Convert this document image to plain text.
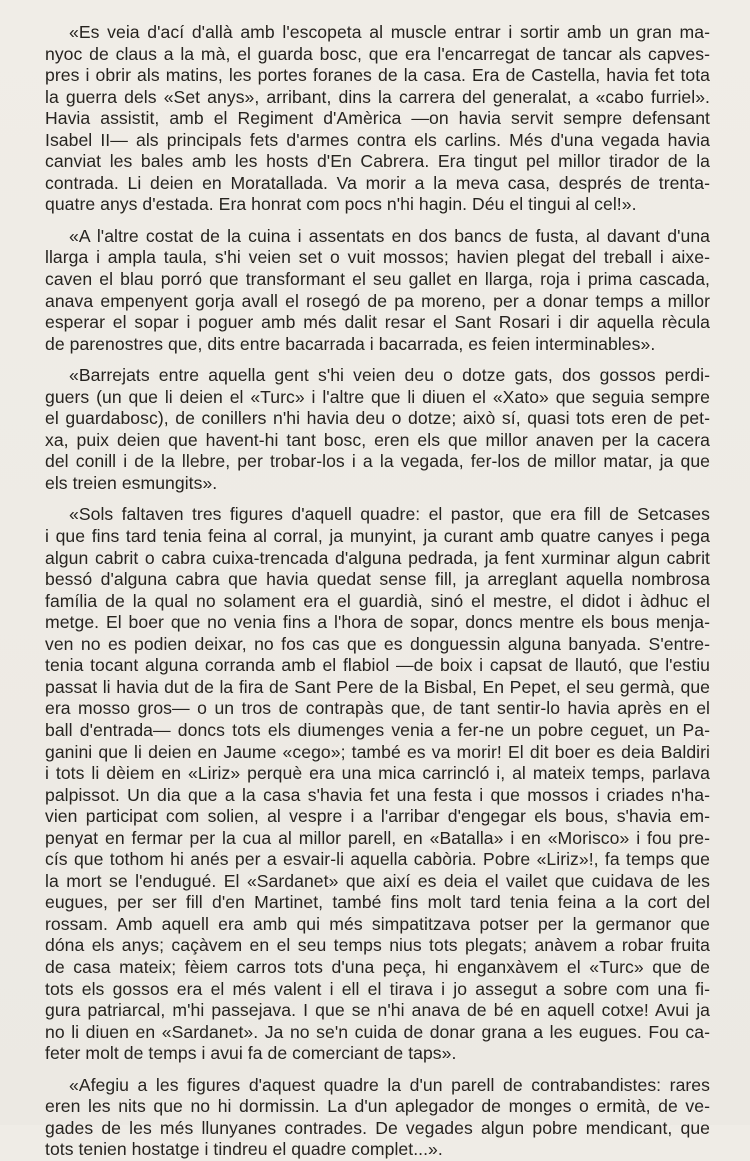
«Es veia d'ací d'allà amb l'escopeta al muscle entrar i sortir amb un gran ma-
nyoc de claus a la mà, el guarda bosc, que era l'encarregat de tancar als capves-
pres i obrir als matins, les portes foranes de la casa. Era de Castella, havia fet tota
la guerra dels «Set anys», arribant, dins la carrera del generalat, a «cabo furriel».
Havia assistit, amb el Regiment d'Amèrica —on havia servit sempre defensant
Isabel II— als principals fets d'armes contra els carlins. Més d'una vegada havia
canviat les bales amb les hosts d'En Cabrera. Era tingut pel millor tirador de la
contrada. Li deien en Moratallada. Va morir a la meva casa, després de trenta-
quatre anys d'estada. Era honrat com pocs n'hi hagin. Déu el tingui al cel!».

«A l'altre costat de la cuina i assentats en dos bancs de fusta, al davant d'una
llarga i ampla taula, s'hi veien set o vuit mossos; havien plegat del treball i aixe-
caven el blau porró que transformant el seu gallet en llarga, roja i prima cascada,
anava empenyent gorja avall el rosegó de pa moreno, per a donar temps a millor
esperar el sopar i poguer amb més dalit resar el Sant Rosari i dir aquella rècula
de parenostres que, dits entre bacarrada i bacarrada, es feien interminables».

«Barrejats entre aquella gent s'hi veien deu o dotze gats, dos gossos perdi-
guers (un que li deien el «Turc» i l'altre que li diuen el «Xato» que seguia sempre
el guardabosc), de conillers n'hi havia deu o dotze; això sí, quasi tots eren de pet-
xa, puix deien que havent-hi tant bosc, eren els que millor anaven per la cacera
del conill i de la llebre, per trobar-los i a la vegada, fer-los de millor matar, ja que
els treien esmungits».

«Sols faltaven tres figures d'aquell quadre: el pastor, que era fill de Setcases
i que fins tard tenia feina al corral, ja munyint, ja curant amb quatre canyes i pega
algun cabrit o cabra cuixa-trencada d'alguna pedrada, ja fent xurminar algun cabrit
bessó d'alguna cabra que havia quedat sense fill, ja arreglant aquella nombrosa
família de la qual no solament era el guardià, sinó el mestre, el didot i àdhuc el
metge. El boer que no venia fins a l'hora de sopar, doncs mentre els bous menja-
ven no es podien deixar, no fos cas que es donguessin alguna banyada. S'entre-
tenia tocant alguna corranda amb el flabiol —de boix i capsat de llautó, que l'estiu
passat li havia dut de la fira de Sant Pere de la Bisbal, En Pepet, el seu germà, que
era mosso gros— o un tros de contrapàs que, de tant sentir-lo havia après en el
ball d'entrada— doncs tots els diumenges venia a fer-ne un pobre ceguet, un Pa-
ganini que li deien en Jaume «cego»; també es va morir! El dit boer es deia Baldiri
i tots li dèiem en «Liriz» perquè era una mica carrincló i, al mateix temps, parlava
palpissot. Un dia que a la casa s'havia fet una festa i que mossos i criades n'ha-
vien participat com solien, al vespre i a l'arribar d'engegar els bous, s'havia em-
penyat en fermar per la cua al millor parell, en «Batalla» i en «Morisco» i fou pre-
cís que tothom hi anés per a esvair-li aquella cabòria. Pobre «Liriz»!, fa temps que
la mort se l'endugué. El «Sardanet» que així es deia el vailet que cuidava de les
eugues, per ser fill d'en Martinet, també fins molt tard tenia feina a la cort del
rossam. Amb aquell era amb qui més simpatitzava potser per la germanor que
dóna els anys; caçàvem en el seu temps nius tots plegats; anàvem a robar fruita
de casa mateix; fèiem carros tots d'una peça, hi enganxàvem el «Turc» que de
tots els gossos era el més valent i ell el tirava i jo assegut a sobre com una fi-
gura patriarcal, m'hi passejava. I que se n'hi anava de bé en aquell cotxe! Avui ja
no li diuen en «Sardanet». Ja no se'n cuida de donar grana a les eugues. Fou ca-
feter molt de temps i avui fa de comerciant de taps».

«Afegiu a les figures d'aquest quadre la d'un parell de contrabandistes: rares
eren les nits que no hi dormissin. La d'un aplegador de monges o ermità, de ve-
gades de les més llunyanes contrades. De vegades algun pobre mendicant, que
tots tenien hostatge i tindreu el quadre complet...».
